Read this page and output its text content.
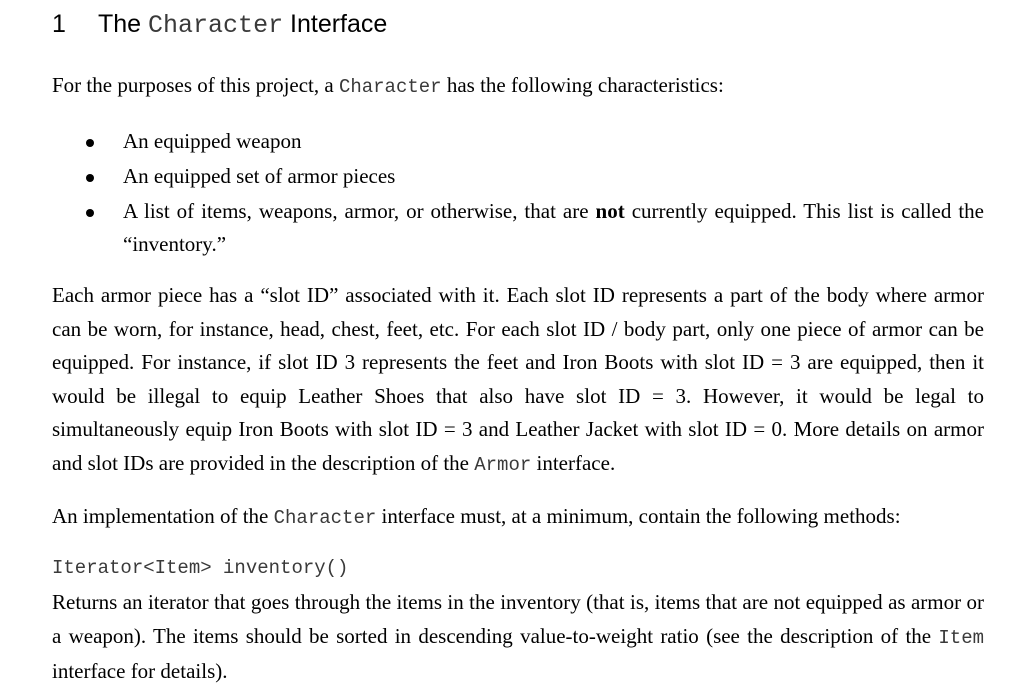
1 The Character Interface
For the purposes of this project, a Character has the following characteristics:
An equipped weapon
An equipped set of armor pieces
A list of items, weapons, armor, or otherwise, that are not currently equipped. This list is called the “inventory.”
Each armor piece has a “slot ID” associated with it. Each slot ID represents a part of the body where armor can be worn, for instance, head, chest, feet, etc. For each slot ID / body part, only one piece of armor can be equipped. For instance, if slot ID 3 represents the feet and Iron Boots with slot ID = 3 are equipped, then it would be illegal to equip Leather Shoes that also have slot ID = 3. However, it would be legal to simultaneously equip Iron Boots with slot ID = 3 and Leather Jacket with slot ID = 0. More details on armor and slot IDs are provided in the description of the Armor interface.
An implementation of the Character interface must, at a minimum, contain the following methods:
Iterator<Item> inventory()
Returns an iterator that goes through the items in the inventory (that is, items that are not equipped as armor or a weapon). The items should be sorted in descending value-to-weight ratio (see the description of the Item interface for details).
